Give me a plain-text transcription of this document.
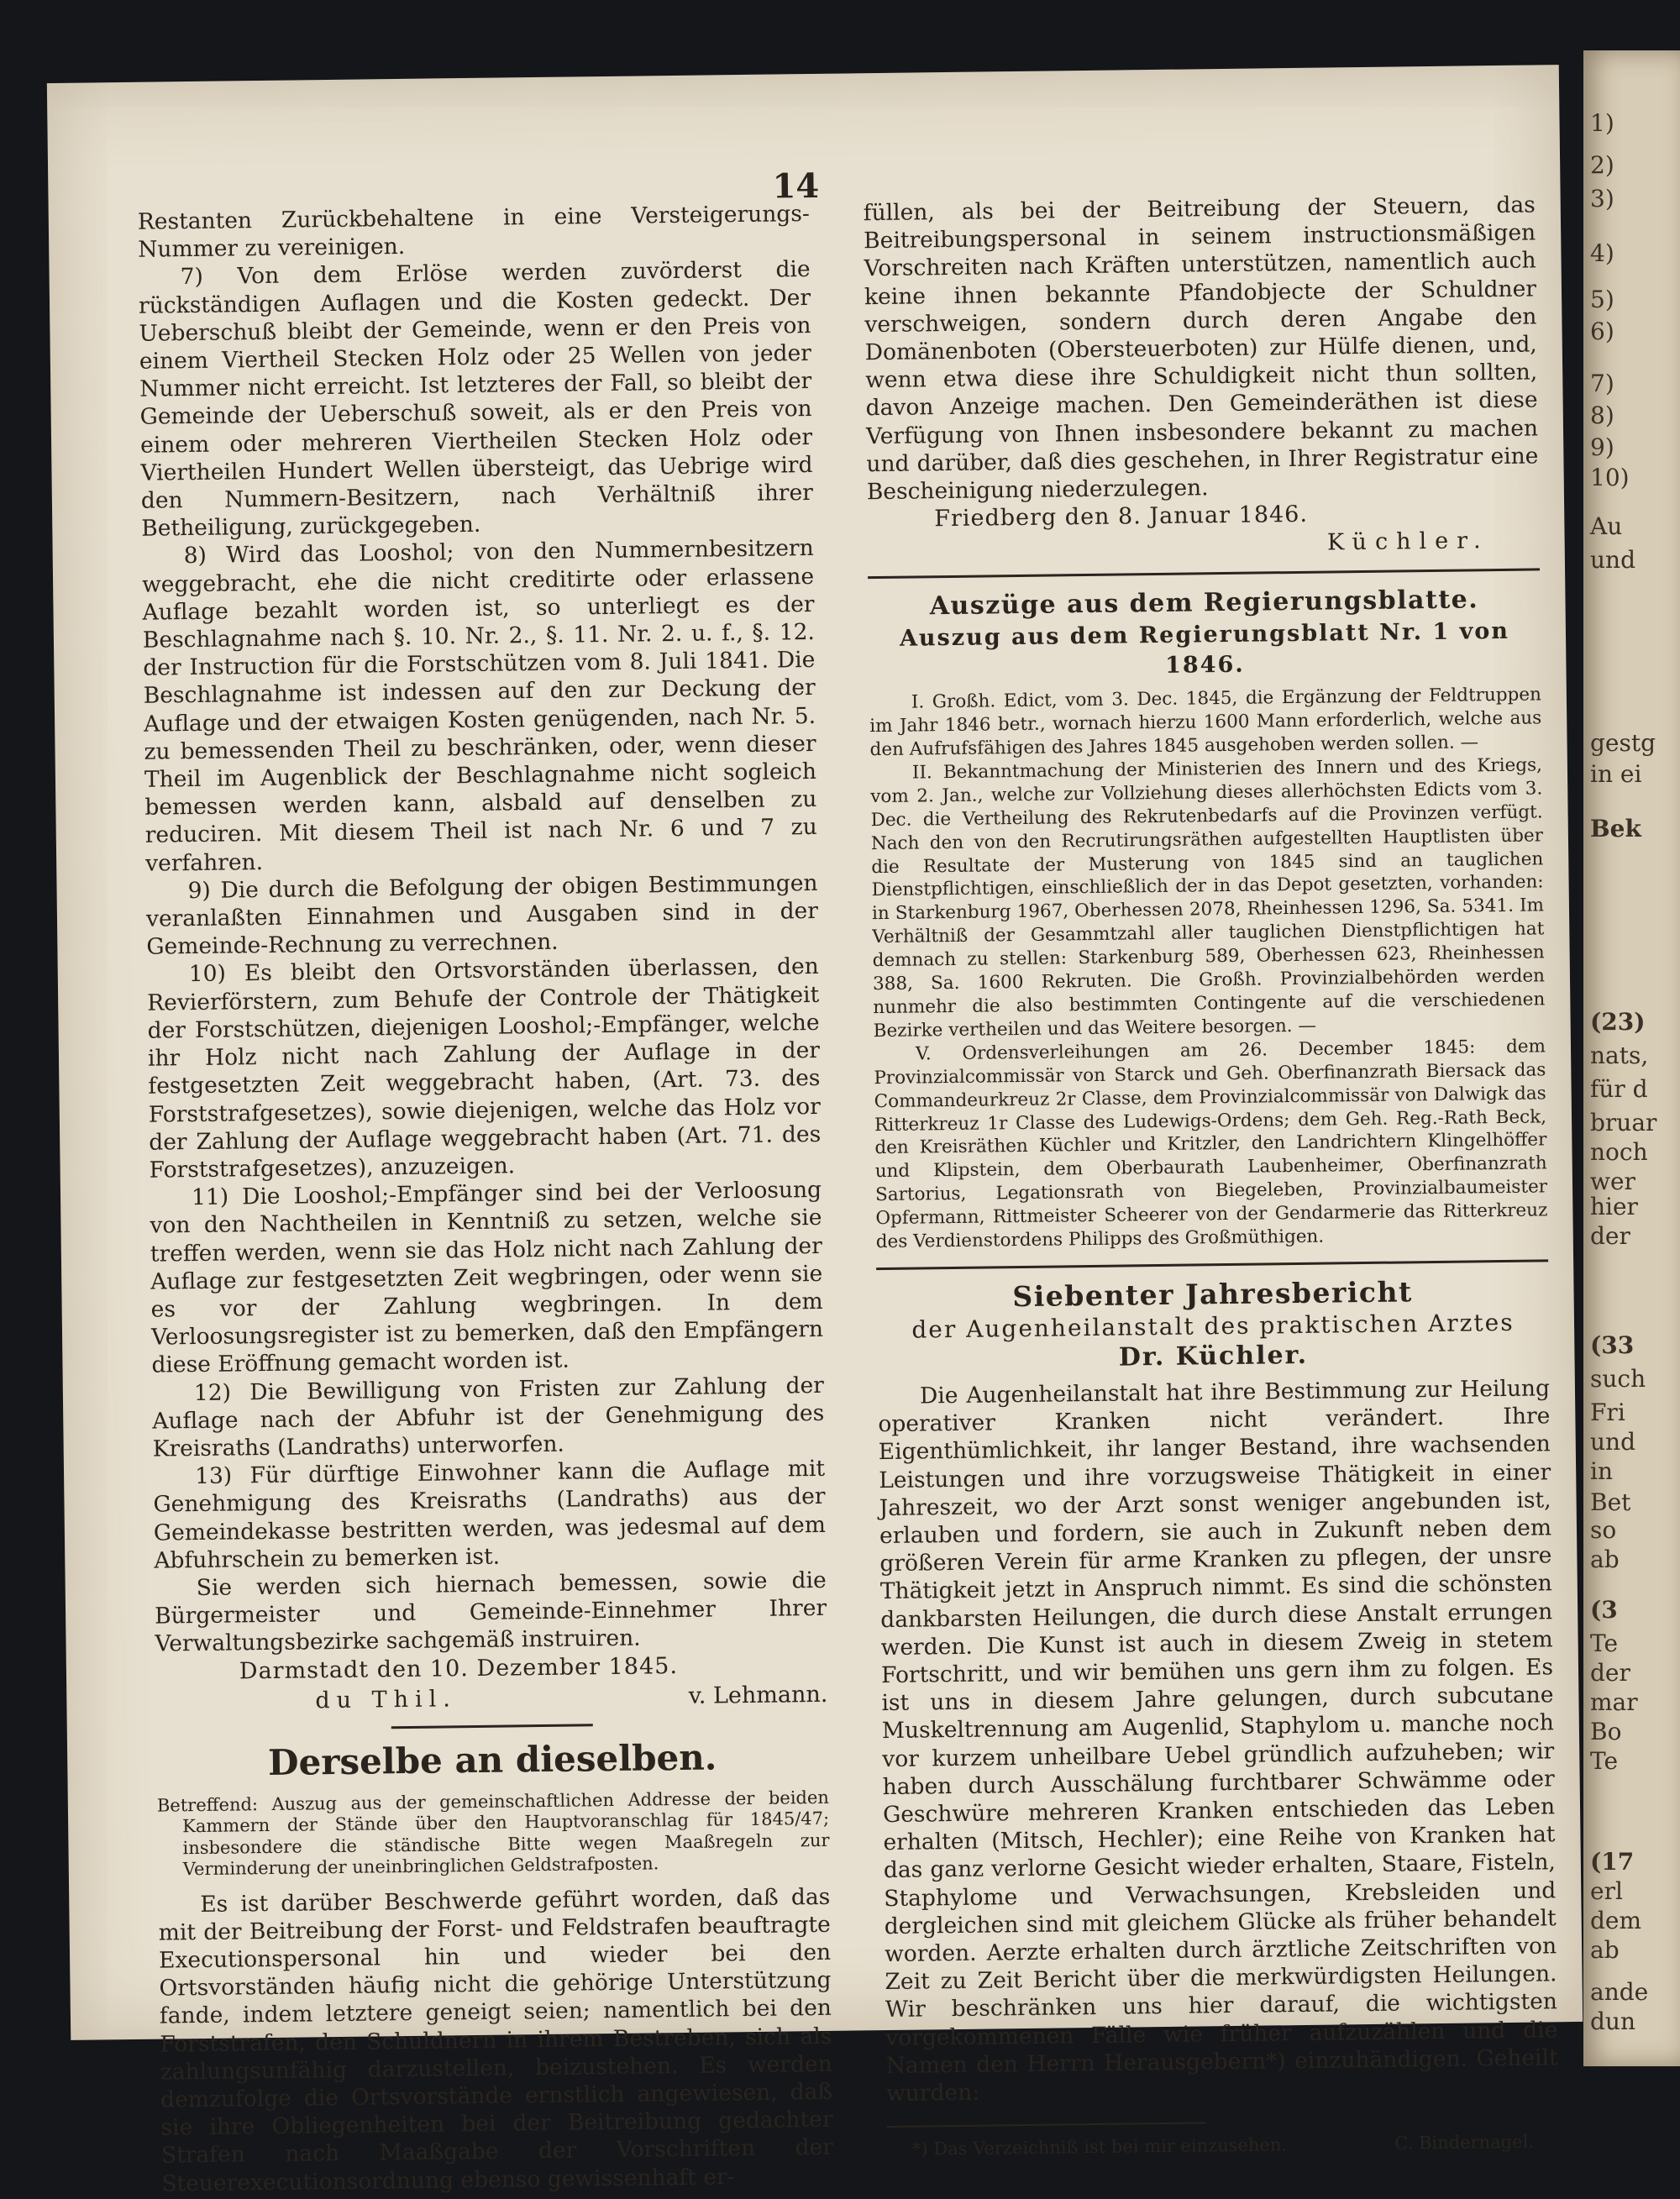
1)
2)
3)
4)
5)
6)
7)
8)
9)
10)
Au
und
gestg
in ei
Bek
(23)
nats,
für d
bruar
noch
wer
hier
der
(33
such
Fri
und
in
Bet
so
ab
(3
Te
der
mar
Bo
Te
(17
erl
dem
ab
ande
dun
14

Restanten Zurückbehaltene in eine Versteigerungs-Nummer zu vereinigen.

7) Von dem Erlöse werden zuvörderst die rückständigen Auflagen und die Kosten gedeckt. Der Ueberschuß bleibt der Gemeinde, wenn er den Preis von einem Viertheil Stecken Holz oder 25 Wellen von jeder Nummer nicht erreicht. Ist letzteres der Fall, so bleibt der Gemeinde der Ueberschuß soweit, als er den Preis von einem oder mehreren Viertheilen Stecken Holz oder Viertheilen Hundert Wellen übersteigt, das Uebrige wird den Nummern-Besitzern, nach Verhältniß ihrer Betheiligung, zurückgegeben.

8) Wird das Looshol; von den Nummernbesitzern weggebracht, ehe die nicht creditirte oder erlassene Auflage bezahlt worden ist, so unterliegt es der Beschlagnahme nach §. 10. Nr. 2., §. 11. Nr. 2. u. f., §. 12. der Instruction für die Forstschützen vom 8. Juli 1841. Die Beschlagnahme ist indessen auf den zur Deckung der Auflage und der etwaigen Kosten genügenden, nach Nr. 5. zu bemessenden Theil zu beschränken, oder, wenn dieser Theil im Augenblick der Beschlagnahme nicht sogleich bemessen werden kann, alsbald auf denselben zu reduciren. Mit diesem Theil ist nach Nr. 6 und 7 zu verfahren.

9) Die durch die Befolgung der obigen Bestimmungen veranlaßten Einnahmen und Ausgaben sind in der Gemeinde-Rechnung zu verrechnen.

10) Es bleibt den Ortsvorständen überlassen, den Revierförstern, zum Behufe der Controle der Thätigkeit der Forstschützen, diejenigen Looshol;-Empfänger, welche ihr Holz nicht nach Zahlung der Auflage in der festgesetzten Zeit weggebracht haben, (Art. 73. des Forststrafgesetzes), sowie diejenigen, welche das Holz vor der Zahlung der Auflage weggebracht haben (Art. 71. des Forststrafgesetzes), anzuzeigen.

11) Die Looshol;-Empfänger sind bei der Verloosung von den Nachtheilen in Kenntniß zu setzen, welche sie treffen werden, wenn sie das Holz nicht nach Zahlung der Auflage zur festgesetzten Zeit wegbringen, oder wenn sie es vor der Zahlung wegbringen. In dem Verloosungsregister ist zu bemerken, daß den Empfängern diese Eröffnung gemacht worden ist.

12) Die Bewilligung von Fristen zur Zahlung der Auflage nach der Abfuhr ist der Genehmigung des Kreisraths (Landraths) unterworfen.

13) Für dürftige Einwohner kann die Auflage mit Genehmigung des Kreisraths (Landraths) aus der Gemeindekasse bestritten werden, was jedesmal auf dem Abfuhrschein zu bemerken ist.

Sie werden sich hiernach bemessen, sowie die Bürgermeister und Gemeinde-Einnehmer Ihrer Verwaltungsbezirke sachgemäß instruiren.

Darmstadt den 10. Dezember 1845.
du Thil.	v. Lehmann.
Derselbe an dieselben.
Betreffend: Auszug aus der gemeinschaftlichen Addresse der beiden Kammern der Stände über den Hauptvoranschlag für 1845/47; insbesondere die ständische Bitte wegen Maaßregeln zur Verminderung der uneinbringlichen Geldstrafposten.

Es ist darüber Beschwerde geführt worden, daß das mit der Beitreibung der Forst- und Feldstrafen beauftragte Executionspersonal hin und wieder bei den Ortsvorständen häufig nicht die gehörige Unterstützung fande, indem letztere geneigt seien; namentlich bei den Forststrafen, den Schuldnern in ihrem Bestreben, sich als zahlungsunfähig darzustellen, beizustehen. Es werden demzufolge die Ortsvorstände ernstlich angewiesen, daß sie ihre Obliegenheiten bei der Beitreibung gedachter Strafen nach Maaßgabe der Vorschriften der Steuerexecutionsordnung ebenso gewissenhaft er-

füllen, als bei der Beitreibung der Steuern, das Beitreibungspersonal in seinem instructionsmäßigen Vorschreiten nach Kräften unterstützen, namentlich auch keine ihnen bekannte Pfandobjecte der Schuldner verschweigen, sondern durch deren Angabe den Domänenboten (Obersteuerboten) zur Hülfe dienen, und, wenn etwa diese ihre Schuldigkeit nicht thun sollten, davon Anzeige machen. Den Gemeinderäthen ist diese Verfügung von Ihnen insbesondere bekannt zu machen und darüber, daß dies geschehen, in Ihrer Registratur eine Bescheinigung niederzulegen.

Friedberg den 8. Januar 1846.
Küchler.
Auszüge aus dem Regierungsblatte.
Auszug aus dem Regierungsblatt Nr. 1 von 1846.

I. Großh. Edict, vom 3. Dec. 1845, die Ergänzung der Feldtruppen im Jahr 1846 betr., wornach hierzu 1600 Mann erforderlich, welche aus den Aufrufsfähigen des Jahres 1845 ausgehoben werden sollen. —

II. Bekanntmachung der Ministerien des Innern und des Kriegs, vom 2. Jan., welche zur Vollziehung dieses allerhöchsten Edicts vom 3. Dec. die Vertheilung des Rekrutenbedarfs auf die Provinzen verfügt. Nach den von den Recrutirungsräthen aufgestellten Hauptlisten über die Resultate der Musterung von 1845 sind an tauglichen Dienstpflichtigen, einschließlich der in das Depot gesetzten, vorhanden: in Starkenburg 1967, Oberhessen 2078, Rheinhessen 1296, Sa. 5341. Im Verhältniß der Gesammtzahl aller tauglichen Dienstpflichtigen hat demnach zu stellen: Starkenburg 589, Oberhessen 623, Rheinhessen 388, Sa. 1600 Rekruten. Die Großh. Provinzialbehörden werden nunmehr die also bestimmten Contingente auf die verschiedenen Bezirke vertheilen und das Weitere besorgen. —

V. Ordensverleihungen am 26. December 1845: dem Provinzialcommissär von Starck und Geh. Oberfinanzrath Biersack das Commandeurkreuz 2r Classe, dem Provinzialcommissär von Dalwigk das Ritterkreuz 1r Classe des Ludewigs-Ordens; dem Geh. Reg.-Rath Beck, den Kreisräthen Küchler und Kritzler, den Landrichtern Klingelhöffer und Klipstein, dem Oberbaurath Laubenheimer, Oberfinanzrath Sartorius, Legationsrath von Biegeleben, Provinzialbaumeister Opfermann, Rittmeister Scheerer von der Gendarmerie das Ritterkreuz des Verdienstordens Philipps des Großmüthigen.

Siebenter Jahresbericht
der Augenheilanstalt des praktischen Arztes
Dr. Küchler.

Die Augenheilanstalt hat ihre Bestimmung zur Heilung operativer Kranken nicht verändert. Ihre Eigenthümlichkeit, ihr langer Bestand, ihre wachsenden Leistungen und ihre vorzugsweise Thätigkeit in einer Jahreszeit, wo der Arzt sonst weniger angebunden ist, erlauben und fordern, sie auch in Zukunft neben dem größeren Verein für arme Kranken zu pflegen, der unsre Thätigkeit jetzt in Anspruch nimmt. Es sind die schönsten dankbarsten Heilungen, die durch diese Anstalt errungen werden. Die Kunst ist auch in diesem Zweig in stetem Fortschritt, und wir bemühen uns gern ihm zu folgen. Es ist uns in diesem Jahre gelungen, durch subcutane Muskeltrennung am Augenlid, Staphylom u. manche noch vor kurzem unheilbare Uebel gründlich aufzuheben; wir haben durch Ausschälung furchtbarer Schwämme oder Geschwüre mehreren Kranken entschieden das Leben erhalten (Mitsch, Hechler); eine Reihe von Kranken hat das ganz verlorne Gesicht wieder erhalten, Staare, Fisteln, Staphylome und Verwachsungen, Krebsleiden und dergleichen sind mit gleichem Glücke als früher behandelt worden. Aerzte erhalten durch ärztliche Zeitschriften von Zeit zu Zeit Bericht über die merkwürdigsten Heilungen. Wir beschränken uns hier darauf, die wichtigsten vorgekommenen Fälle wie früher aufzuzählen und die Namen den Herrn Herausgebern*) einzuhändigen. Geheilt wurden:

*) Das Verzeichniß ist bei mir einzusehen.	C. Bindernagel.
